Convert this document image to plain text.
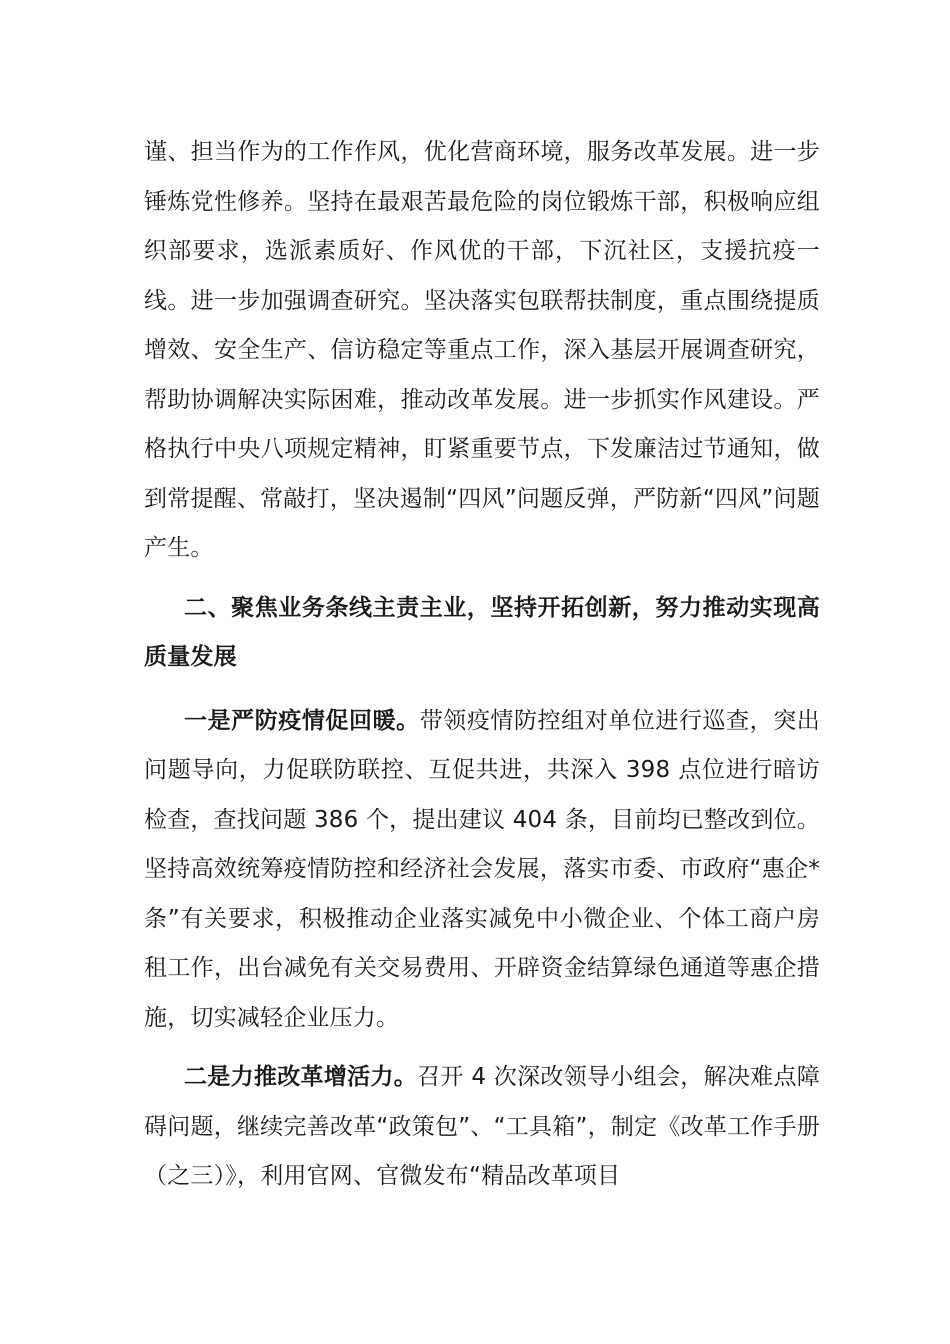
谨、担当作为的工作作风，优化营商环境，服务改革发展。进一步锤炼党性修养。坚持在最艰苦最危险的岗位锻炼干部，积极响应组织部要求，选派素质好、作风优的干部，下沉社区，支援抗疫一线。进一步加强调查研究。坚决落实包联帮扶制度，重点围绕提质增效、安全生产、信访稳定等重点工作，深入基层开展调查研究，帮助协调解决实际困难，推动改革发展。进一步抓实作风建设。严格执行中央八项规定精神，盯紧重要节点，下发廉洁过节通知，做到常提醒、常敲打，坚决遏制“四风”问题反弹，严防新“四风”问题产生。

二、聚焦业务条线主责主业，坚持开拓创新，努力推动实现高质量发展

一是严防疫情促回暖。带领疫情防控组对单位进行巡查，突出问题导向，力促联防联控、互促共进，共深入 398 点位进行暗访检查，查找问题 386 个，提出建议 404 条，目前均已整改到位。坚持高效统筹疫情防控和经济社会发展，落实市委、市政府“惠企*条”有关要求，积极推动企业落实减免中小微企业、个体工商户房租工作，出台减免有关交易费用、开辟资金结算绿色通道等惠企措施，切实减轻企业压力。

二是力推改革增活力。召开 4 次深改领导小组会，解决难点障碍问题，继续完善改革“政策包”、“工具箱”，制定《改革工作手册（之三）》，利用官网、官微发布“精品改革项目
